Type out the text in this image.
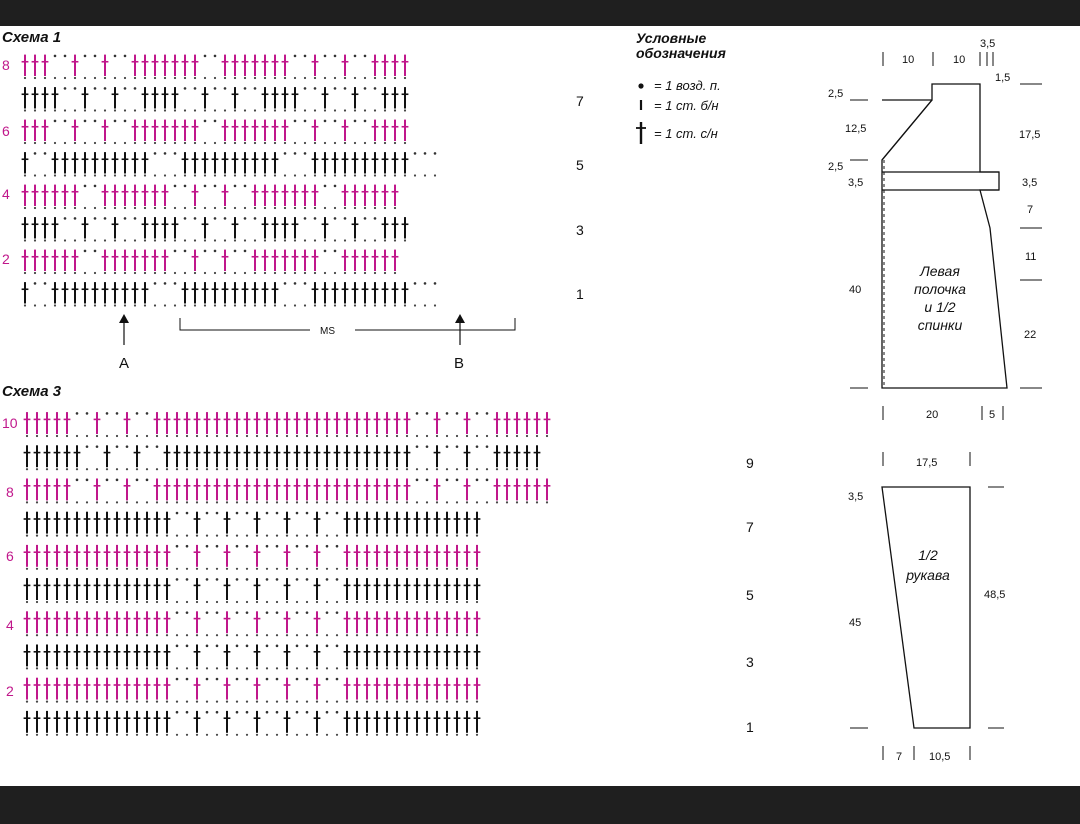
Схема 1
8
6
4
2
7
5
3
1
A	B
MS
Схема 3
10
8
6
4
2
9
7
5
3
1
Условные
обозначения
= 1 возд. п.
= 1 ст. б/н
= 1 ст. с/н
10	10
3,5
1,5
2,5
12,5
2,5
3,5
40
17,5
3,5
7
11
22
20	5
Левая
полочка
и 1/2
спинки
17,5
3,5
45
48,5
7 10,5
1/2
рукава
